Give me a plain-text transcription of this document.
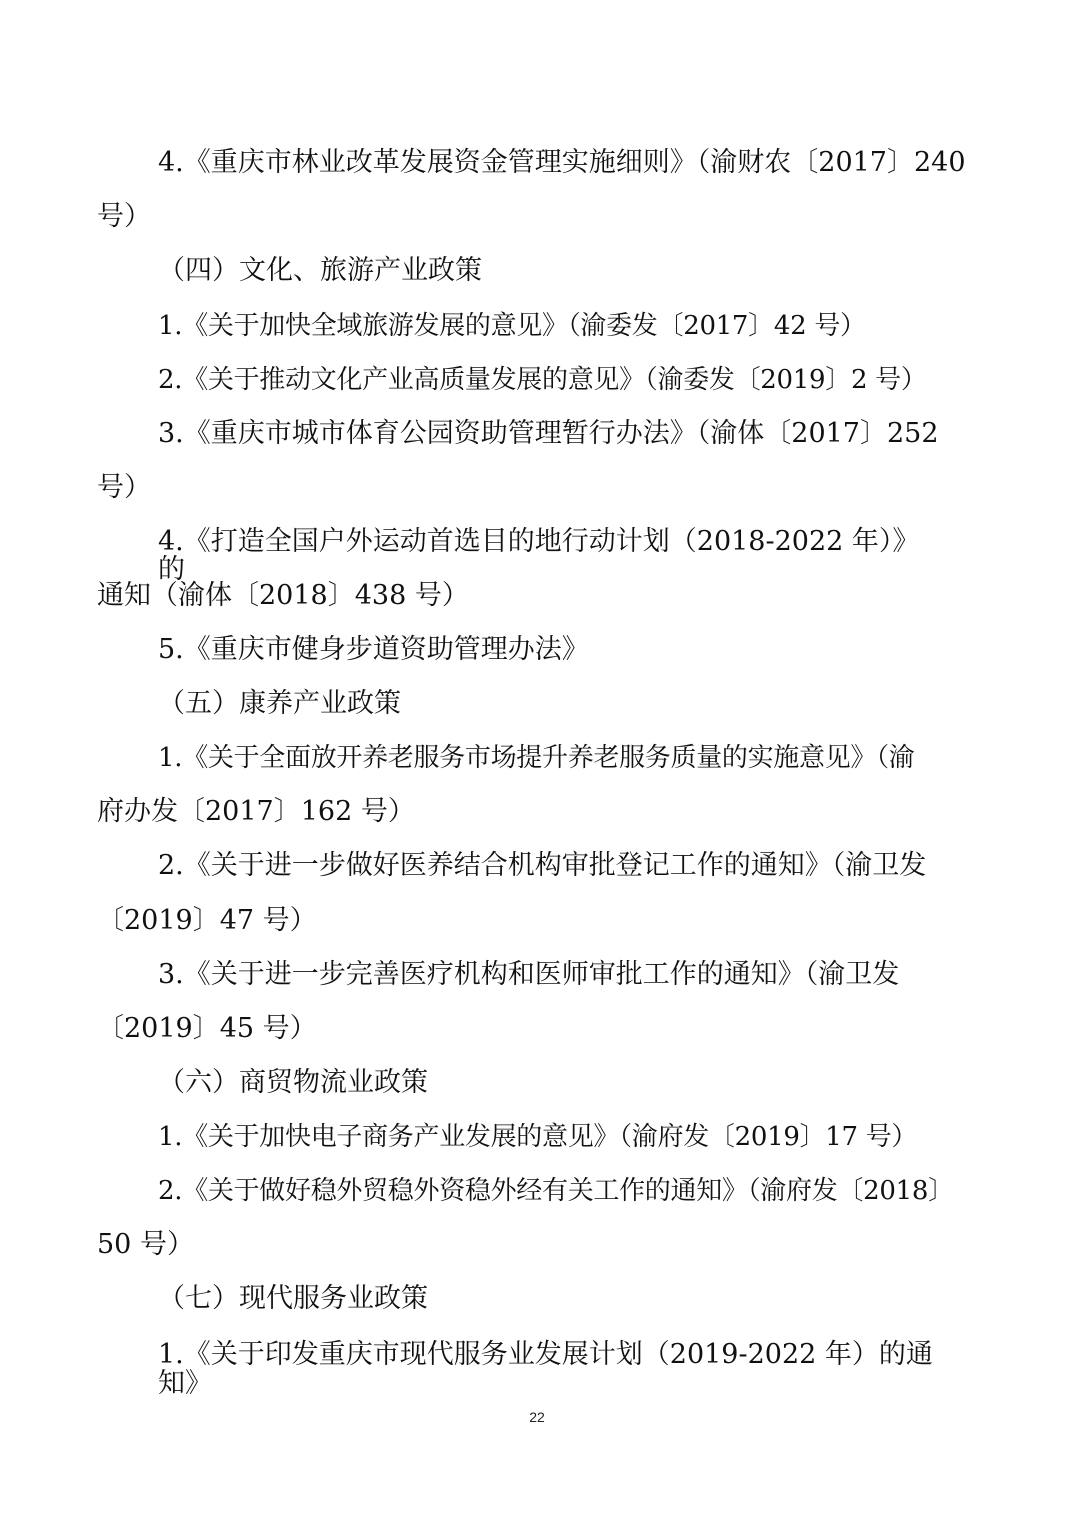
4.《重庆市林业改革发展资金管理实施细则》（渝财农〔2017〕240

号）

（四）文化、旅游产业政策

1.《关于加快全域旅游发展的意见》（渝委发〔2017〕42 号）

2.《关于推动文化产业高质量发展的意见》（渝委发〔2019〕2 号）

3.《重庆市城市体育公园资助管理暂行办法》（渝体〔2017〕252

号）

4.《打造全国户外运动首选目的地行动计划（2018-2022 年）》

的

通知（渝体〔2018〕438 号）

5.《重庆市健身步道资助管理办法》

（五）康养产业政策

1.《关于全面放开养老服务市场提升养老服务质量的实施意见》（渝

府办发〔2017〕162 号）

2.《关于进一步做好医养结合机构审批登记工作的通知》（渝卫发

〔2019〕47 号）

3.《关于进一步完善医疗机构和医师审批工作的通知》（渝卫发

〔2019〕45 号）

（六）商贸物流业政策

1.《关于加快电子商务产业发展的意见》（渝府发〔2019〕17 号）

2.《关于做好稳外贸稳外资稳外经有关工作的通知》（渝府发〔2018〕

50 号）

（七）现代服务业政策

1.《关于印发重庆市现代服务业发展计划（2019-2022 年）的通

知》

22
